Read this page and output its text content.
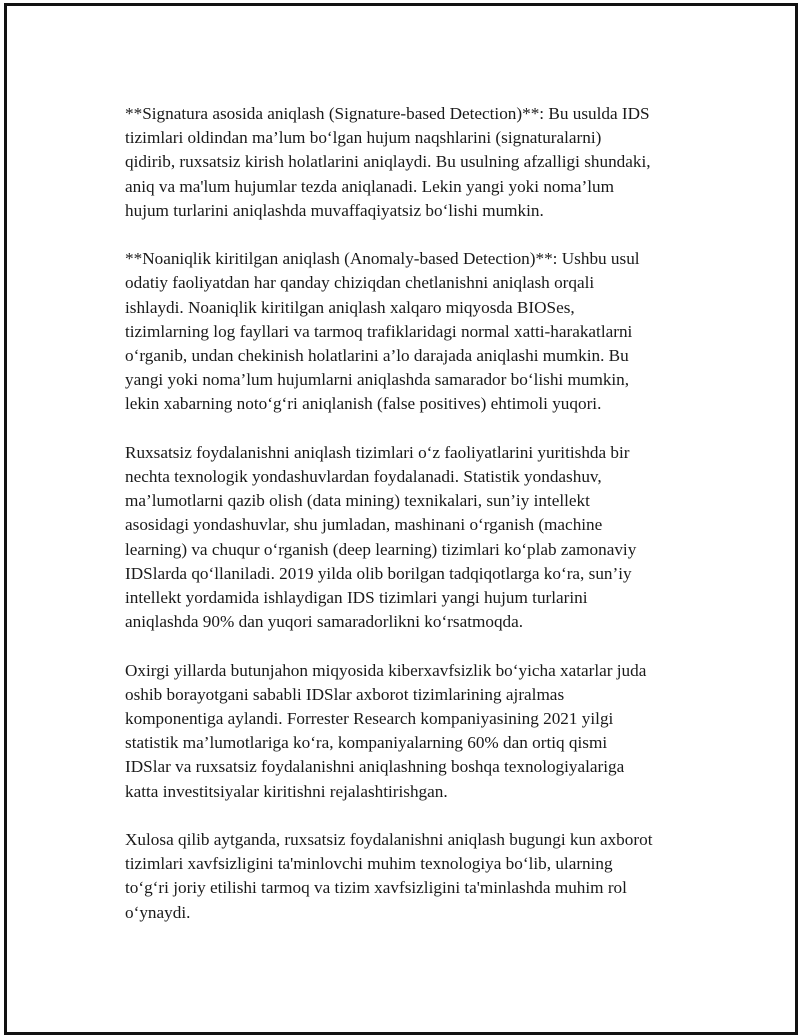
**Signatura asosida aniqlash (Signature-based Detection)**: Bu usulda IDS
tizimlari oldindan ma’lum bo‘lgan hujum naqshlarini (signaturalarni)
qidirib, ruxsatsiz kirish holatlarini aniqlaydi. Bu usulning afzalligi shundaki,
aniq va ma'lum hujumlar tezda aniqlanadi. Lekin yangi yoki noma’lum
hujum turlarini aniqlashda muvaffaqiyatsiz bo‘lishi mumkin.

**Noaniqlik kiritilgan aniqlash (Anomaly-based Detection)**: Ushbu usul
odatiy faoliyatdan har qanday chiziqdan chetlanishni aniqlash orqali
ishlaydi. Noaniqlik kiritilgan aniqlash xalqaro miqyosda BIOSes,
tizimlarning log fayllari va tarmoq trafiklaridagi normal xatti-harakatlarni
o‘rganib, undan chekinish holatlarini a’lo darajada aniqlashi mumkin. Bu
yangi yoki noma’lum hujumlarni aniqlashda samarador bo‘lishi mumkin,
lekin xabarning noto‘g‘ri aniqlanish (false positives) ehtimoli yuqori.

Ruxsatsiz foydalanishni aniqlash tizimlari o‘z faoliyatlarini yuritishda bir
nechta texnologik yondashuvlardan foydalanadi. Statistik yondashuv,
ma’lumotlarni qazib olish (data mining) texnikalari, sun’iy intellekt
asosidagi yondashuvlar, shu jumladan, mashinani o‘rganish (machine
learning) va chuqur o‘rganish (deep learning) tizimlari ko‘plab zamonaviy
IDSlarda qo‘llaniladi. 2019 yilda olib borilgan tadqiqotlarga ko‘ra, sun’iy
intellekt yordamida ishlaydigan IDS tizimlari yangi hujum turlarini
aniqlashda 90% dan yuqori samaradorlikni ko‘rsatmoqda.

Oxirgi yillarda butunjahon miqyosida kiberxavfsizlik bo‘yicha xatarlar juda
oshib borayotgani sababli IDSlar axborot tizimlarining ajralmas
komponentiga aylandi. Forrester Research kompaniyasining 2021 yilgi
statistik ma’lumotlariga ko‘ra, kompaniyalarning 60% dan ortiq qismi
IDSlar va ruxsatsiz foydalanishni aniqlashning boshqa texnologiyalariga
katta investitsiyalar kiritishni rejalashtirishgan.

Xulosa qilib aytganda, ruxsatsiz foydalanishni aniqlash bugungi kun axborot
tizimlari xavfsizligini ta'minlovchi muhim texnologiya bo‘lib, ularning
to‘g‘ri joriy etilishi tarmoq va tizim xavfsizligini ta'minlashda muhim rol
o‘ynaydi.
